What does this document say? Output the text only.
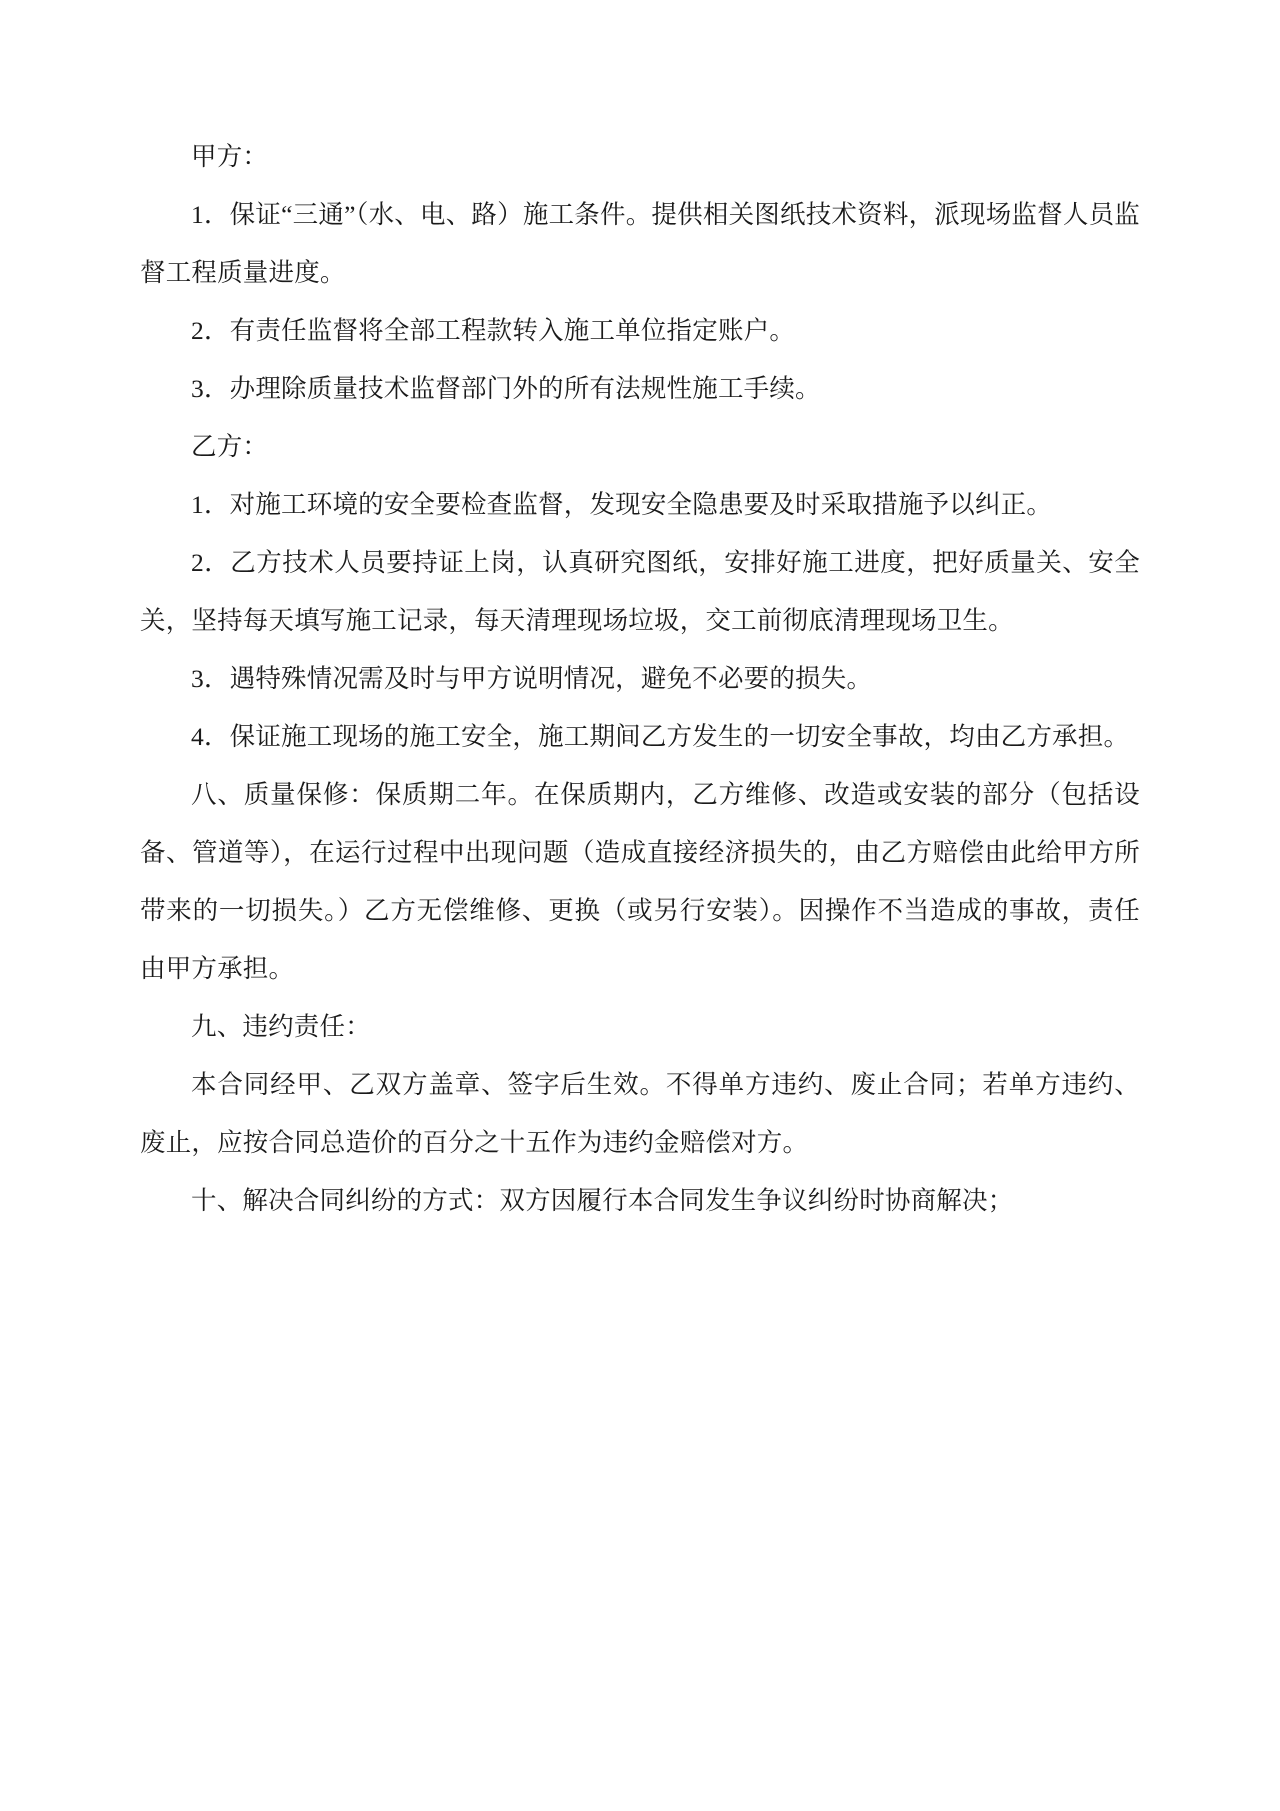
甲方：

1．保证“三通”（水、电、路）施工条件。提供相关图纸技术资料，派现场监督人员监督工程质量进度。

2．有责任监督将全部工程款转入施工单位指定账户。

3．办理除质量技术监督部门外的所有法规性施工手续。

乙方：

1．对施工环境的安全要检查监督，发现安全隐患要及时采取措施予以纠正。

2．乙方技术人员要持证上岗，认真研究图纸，安排好施工进度，把好质量关、安全关，坚持每天填写施工记录，每天清理现场垃圾，交工前彻底清理现场卫生。

3．遇特殊情况需及时与甲方说明情况，避免不必要的损失。

4．保证施工现场的施工安全，施工期间乙方发生的一切安全事故，均由乙方承担。

八、质量保修：保质期二年。在保质期内，乙方维修、改造或安装的部分（包括设备、管道等），在运行过程中出现问题（造成直接经济损失的，由乙方赔偿由此给甲方所带来的一切损失。）乙方无偿维修、更换（或另行安装）。因操作不当造成的事故，责任由甲方承担。

九、违约责任：

本合同经甲、乙双方盖章、签字后生效。不得单方违约、废止合同；若单方违约、废止，应按合同总造价的百分之十五作为违约金赔偿对方。

十、解决合同纠纷的方式：双方因履行本合同发生争议纠纷时协商解决；
